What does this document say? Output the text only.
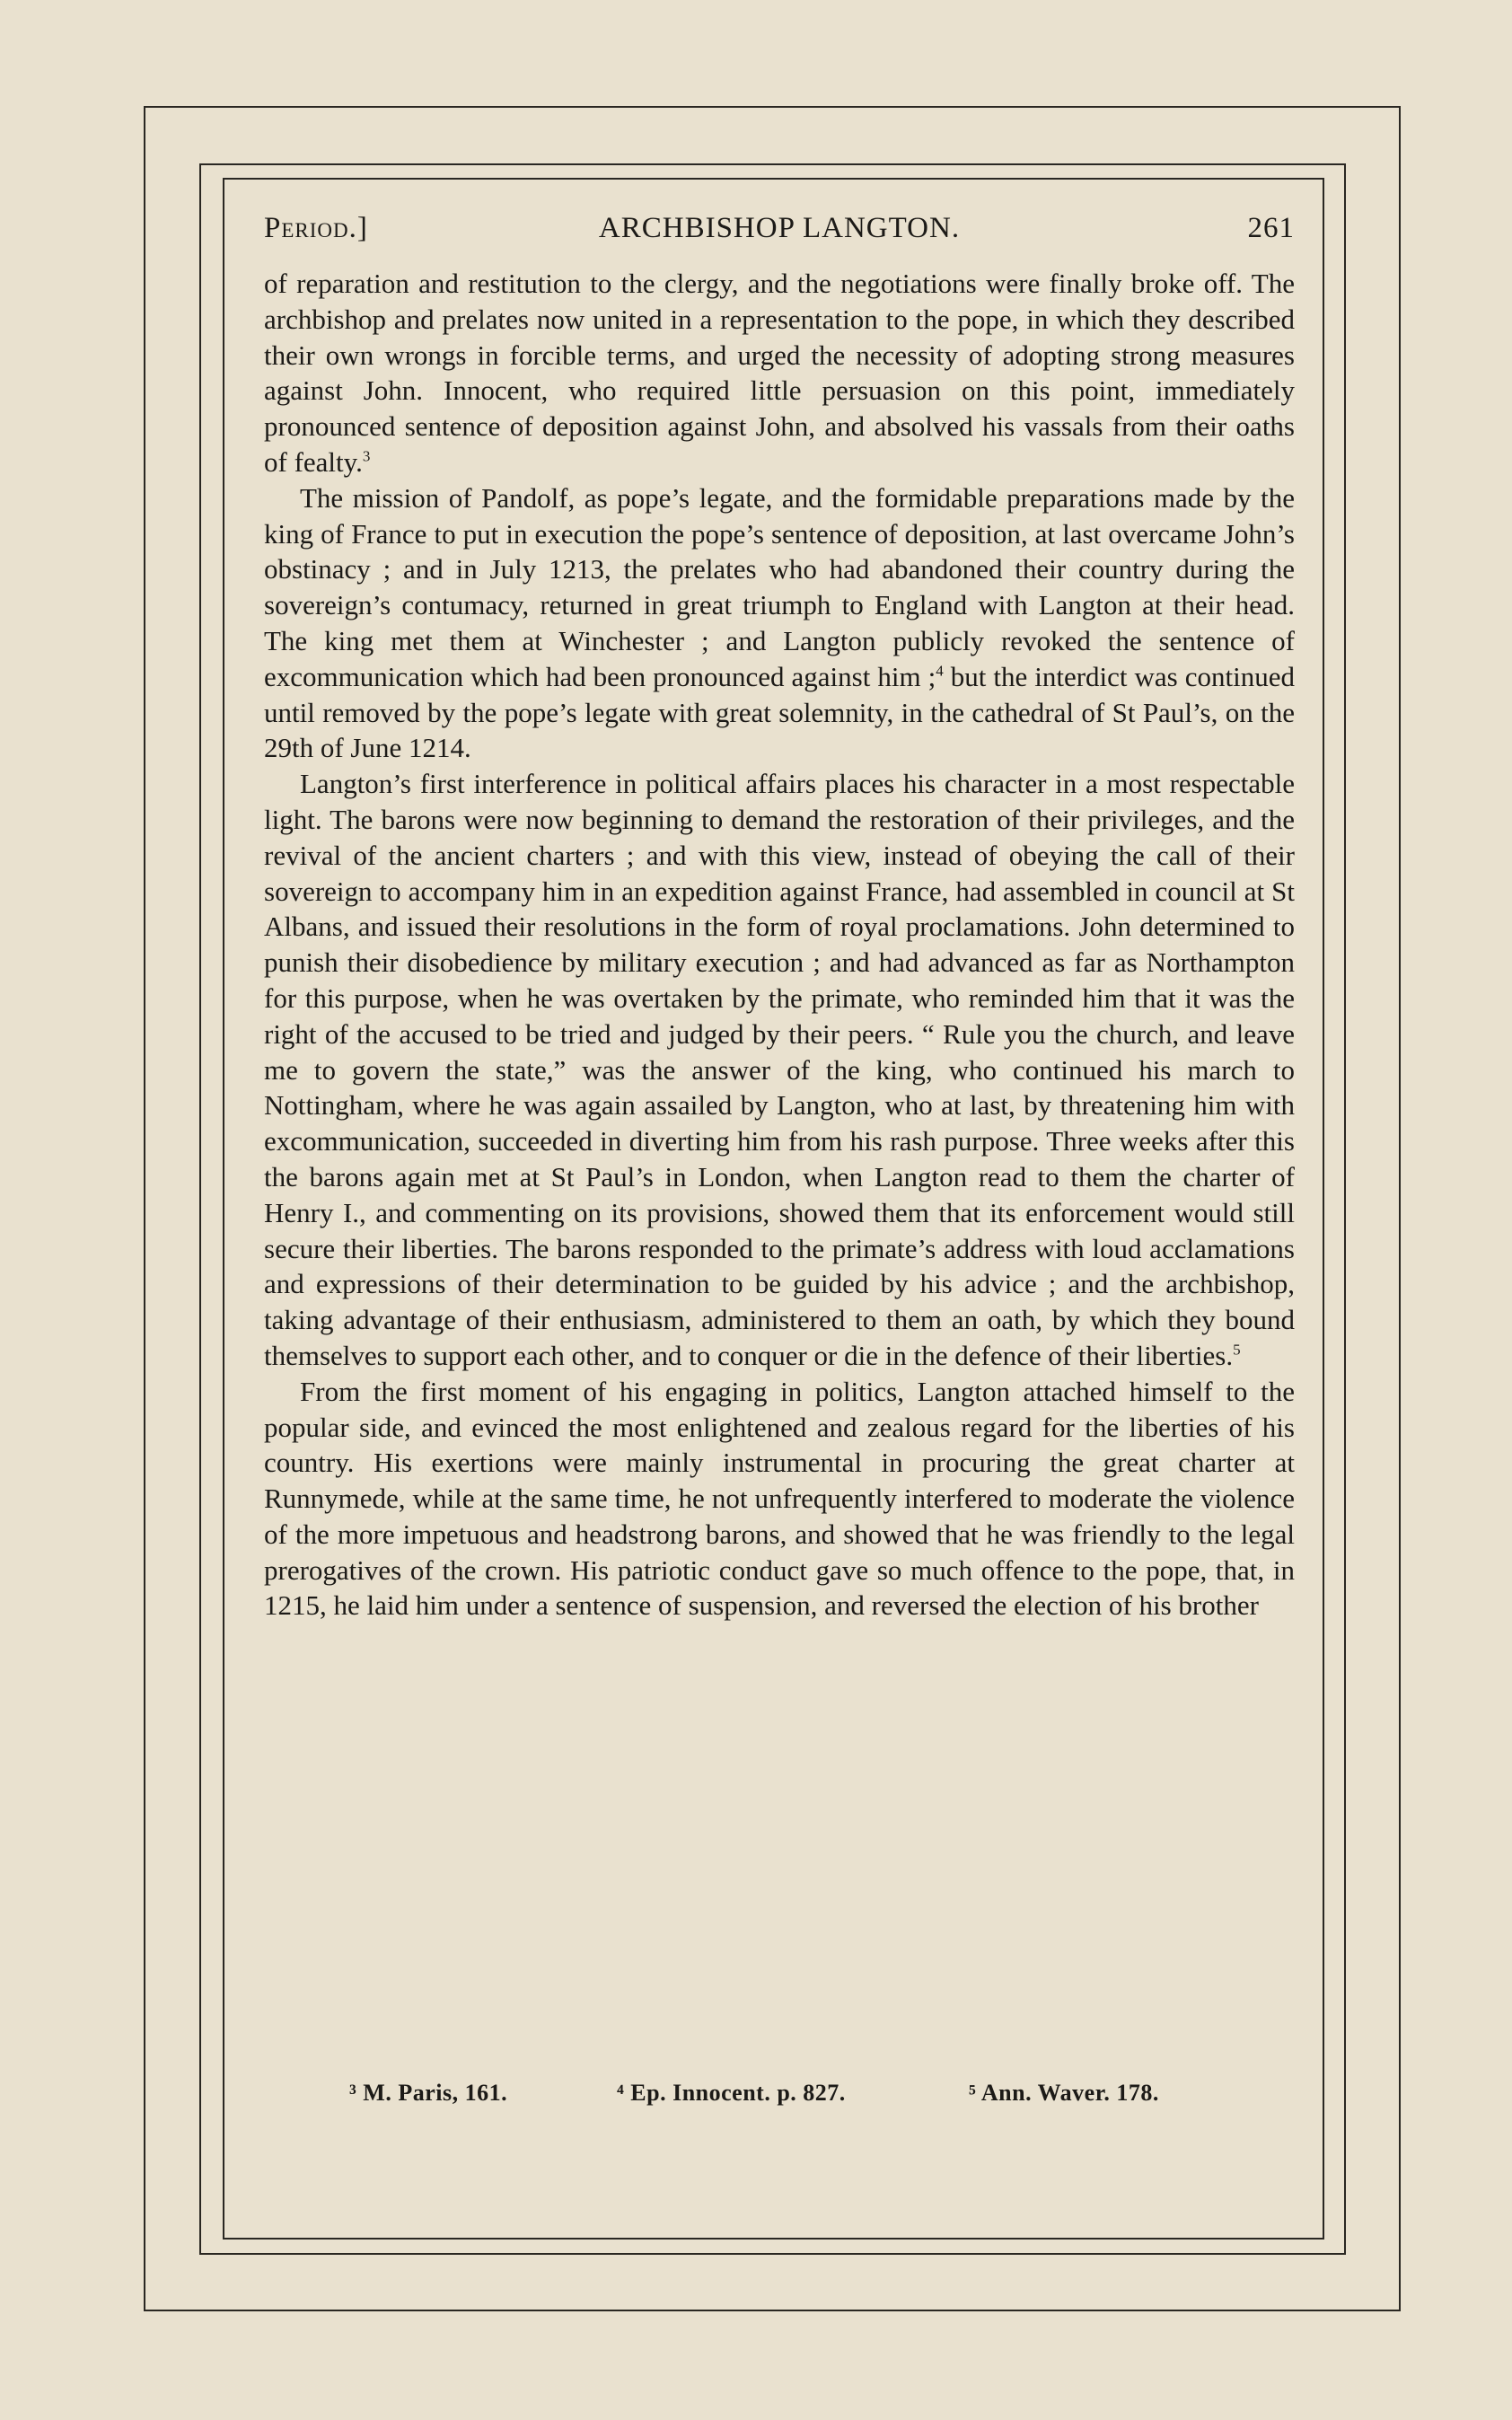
Period.]	ARCHBISHOP LANGTON.	261

of reparation and restitution to the clergy, and the negotiations were finally broke off. The archbishop and prelates now united in a representation to the pope, in which they described their own wrongs in forcible terms, and urged the necessity of adopting strong measures against John. Innocent, who required little persuasion on this point, immediately pronounced sentence of deposition against John, and absolved his vassals from their oaths of fealty.$^3$

The mission of Pandolf, as pope’s legate, and the formidable preparations made by the king of France to put in execution the pope’s sentence of deposition, at last overcame John’s obstinacy ; and in July 1213, the prelates who had abandoned their country during the sovereign’s contumacy, returned in great triumph to England with Langton at their head. The king met them at Winchester ; and Langton publicly revoked the sentence of excommunication which had been pronounced against him ;$^4$ but the interdict was continued until removed by the pope’s legate with great solemnity, in the cathedral of St Paul’s, on the 29th of June 1214.

Langton’s first interference in political affairs places his character in a most respectable light. The barons were now beginning to demand the restoration of their privileges, and the revival of the ancient charters ; and with this view, instead of obeying the call of their sovereign to accompany him in an expedition against France, had assembled in council at St Albans, and issued their resolutions in the form of royal proclamations. John determined to punish their disobedience by military execution ; and had advanced as far as Northampton for this purpose, when he was overtaken by the primate, who reminded him that it was the right of the accused to be tried and judged by their peers. “ Rule you the church, and leave me to govern the state,” was the answer of the king, who continued his march to Nottingham, where he was again assailed by Langton, who at last, by threatening him with excommunication, succeeded in diverting him from his rash purpose. Three weeks after this the barons again met at St Paul’s in London, when Langton read to them the charter of Henry I., and commenting on its provisions, showed them that its enforcement would still secure their liberties. The barons responded to the primate’s address with loud acclamations and expressions of their determination to be guided by his advice ; and the archbishop, taking advantage of their enthusiasm, administered to them an oath, by which they bound themselves to support each other, and to conquer or die in the defence of their liberties.$^5$

From the first moment of his engaging in politics, Langton attached himself to the popular side, and evinced the most enlightened and zealous regard for the liberties of his country. His exertions were mainly instrumental in procuring the great charter at Runnymede, while at the same time, he not unfrequently interfered to moderate the violence of the more impetuous and headstrong barons, and showed that he was friendly to the legal prerogatives of the crown. His patriotic conduct gave so much offence to the pope, that, in 1215, he laid him under a sentence of suspension, and reversed the election of his brother

³ M. Paris, 161.	⁴ Ep. Innocent. p. 827.	⁵ Ann. Waver. 178.
